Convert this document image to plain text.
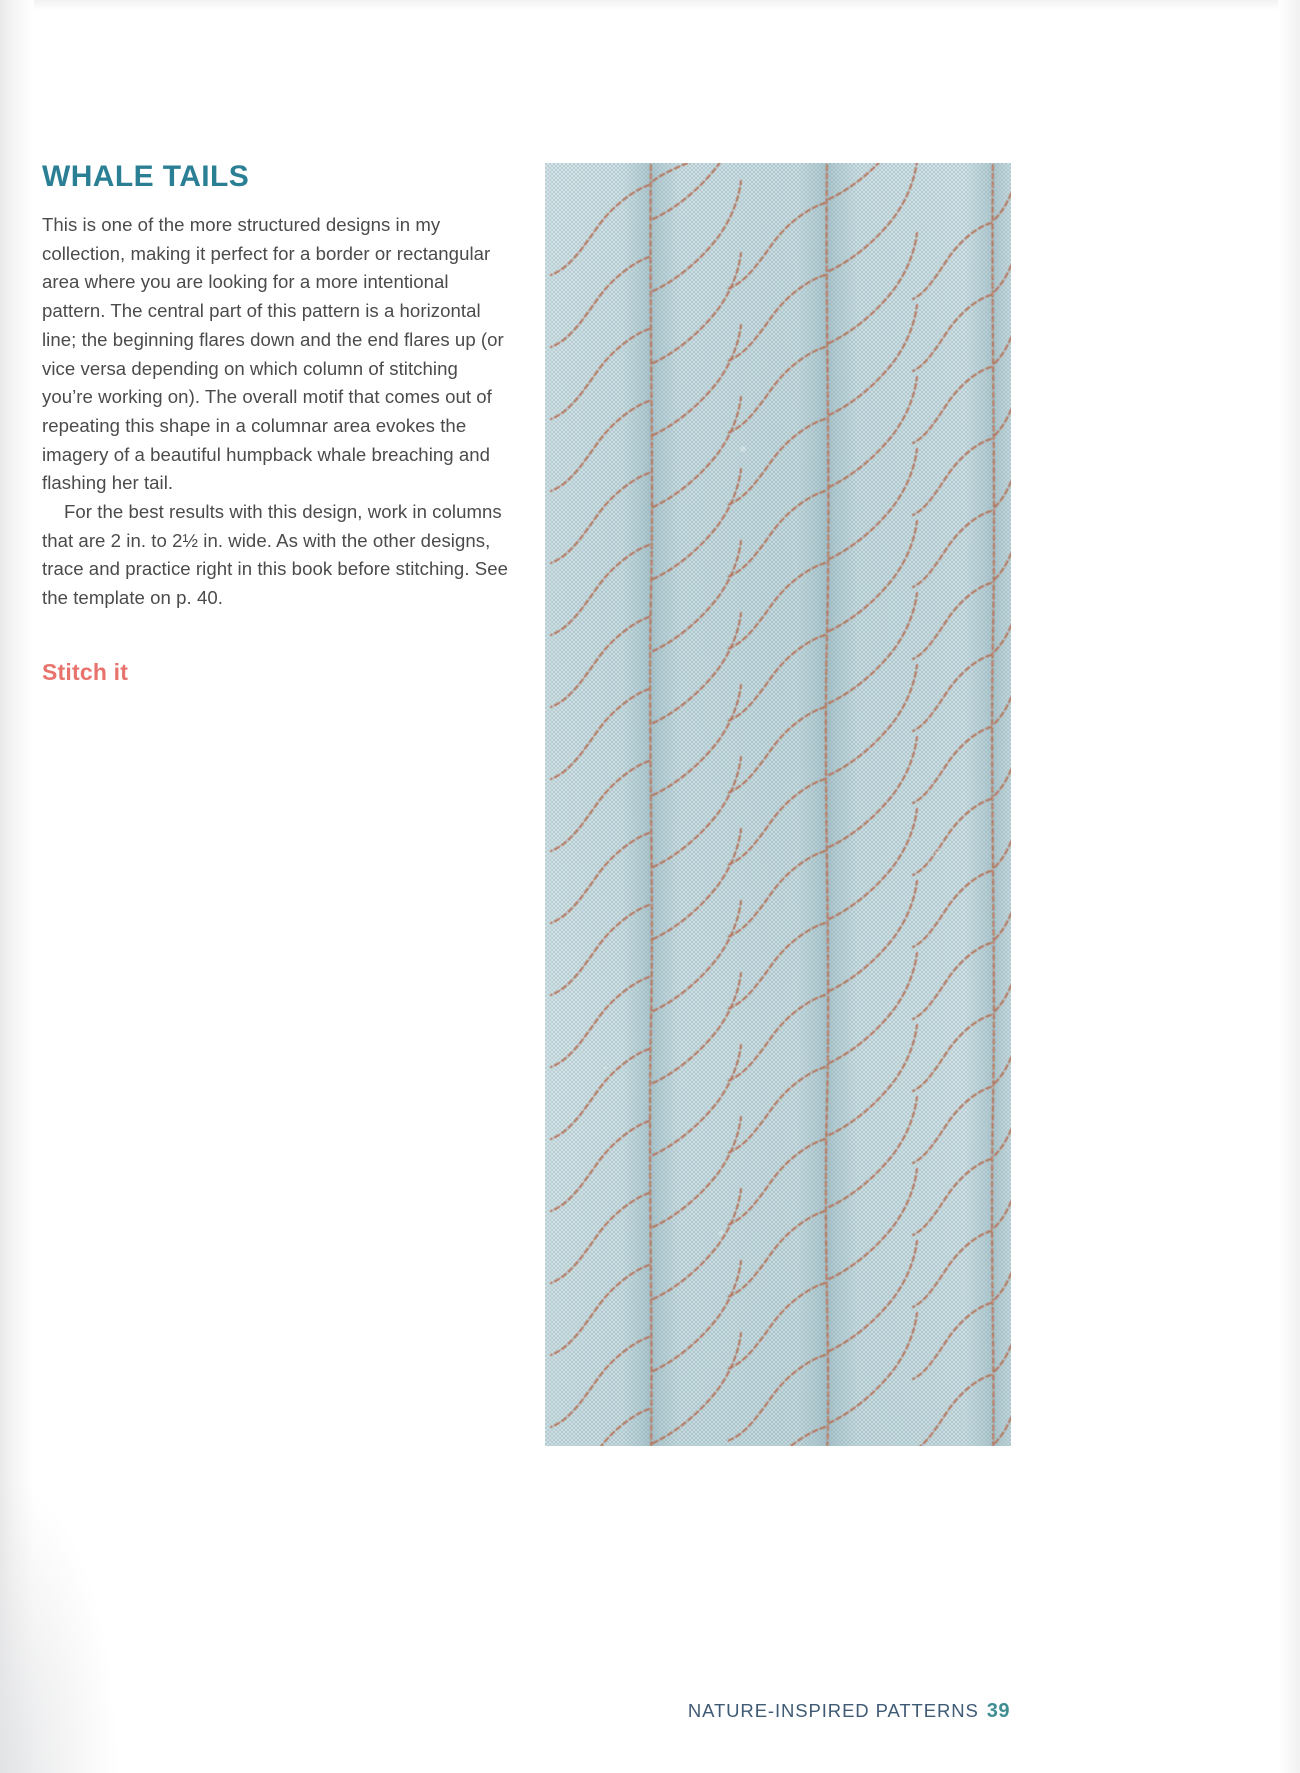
WHALE TAILS

This is one of the more structured designs in my collection, making it perfect for a border or rectangular area where you are looking for a more intentional pattern. The central part of this pattern is a horizontal line; the beginning flares down and the end flares up (or vice versa depending on which column of stitching you’re working on). The overall motif that comes out of repeating this shape in a columnar area evokes the imagery of a beautiful humpback whale breaching and flashing her tail.

For the best results with this design, work in columns that are 2 in. to 2½ in. wide. As with the other designs, trace and practice right in this book before stitching. See the template on p. 40.

Stitch it
NATURE-INSPIRED PATTERNS 39
